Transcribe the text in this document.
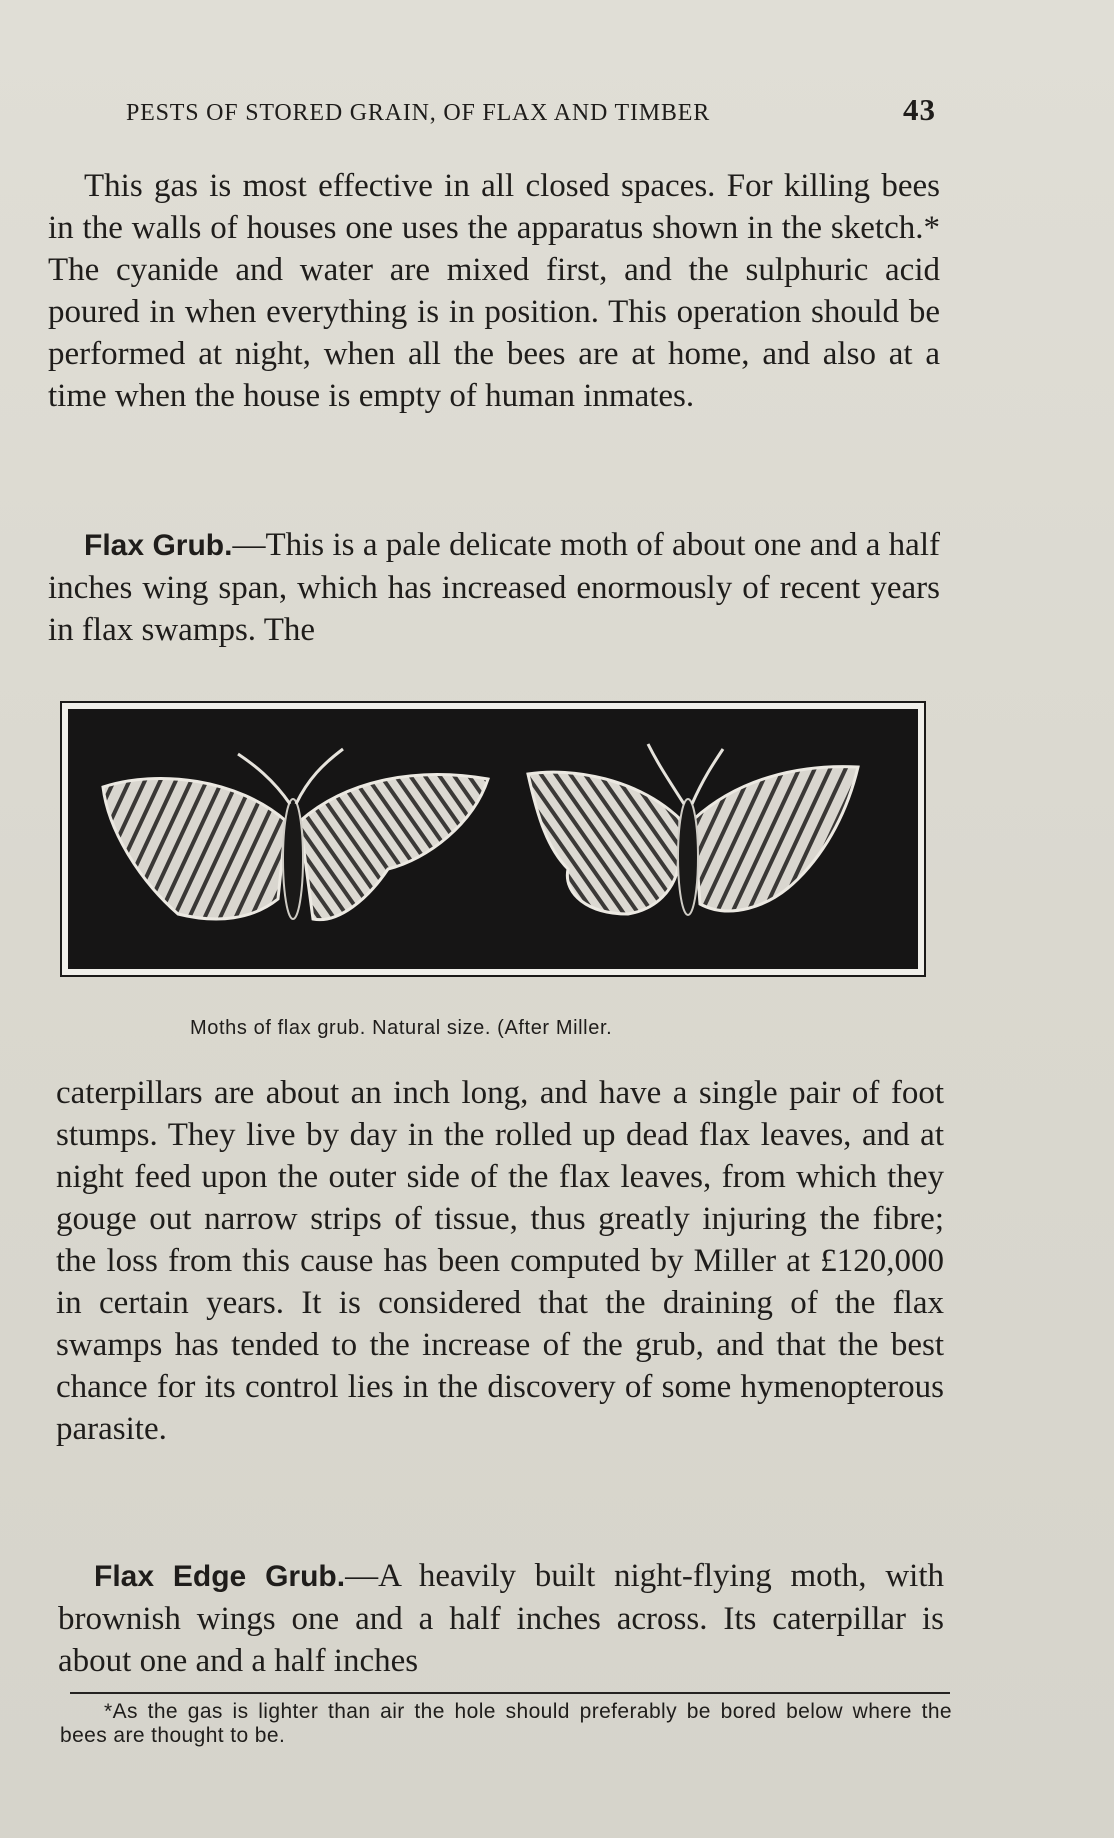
PESTS OF STORED GRAIN, OF FLAX AND TIMBER	43

This gas is most effective in all closed spaces. For killing bees in the walls of houses one uses the apparatus shown in the sketch.* The cyanide and water are mixed first, and the sulphuric acid poured in when everything is in position. This operation should be performed at night, when all the bees are at home, and also at a time when the house is empty of human inmates.

Flax Grub.—This is a pale delicate moth of about one and a half inches wing span, which has increased enormously of recent years in flax swamps. The

Moths of flax grub. Natural size. (After Miller.

caterpillars are about an inch long, and have a single pair of foot stumps. They live by day in the rolled up dead flax leaves, and at night feed upon the outer side of the flax leaves, from which they gouge out narrow strips of tissue, thus greatly injuring the fibre; the loss from this cause has been computed by Miller at £120,000 in certain years. It is considered that the draining of the flax swamps has tended to the increase of the grub, and that the best chance for its control lies in the discovery of some hymenopterous parasite.

Flax Edge Grub.—A heavily built night-flying moth, with brownish wings one and a half inches across. Its caterpillar is about one and a half inches

*As the gas is lighter than air the hole should preferably be bored below where the bees are thought to be.
